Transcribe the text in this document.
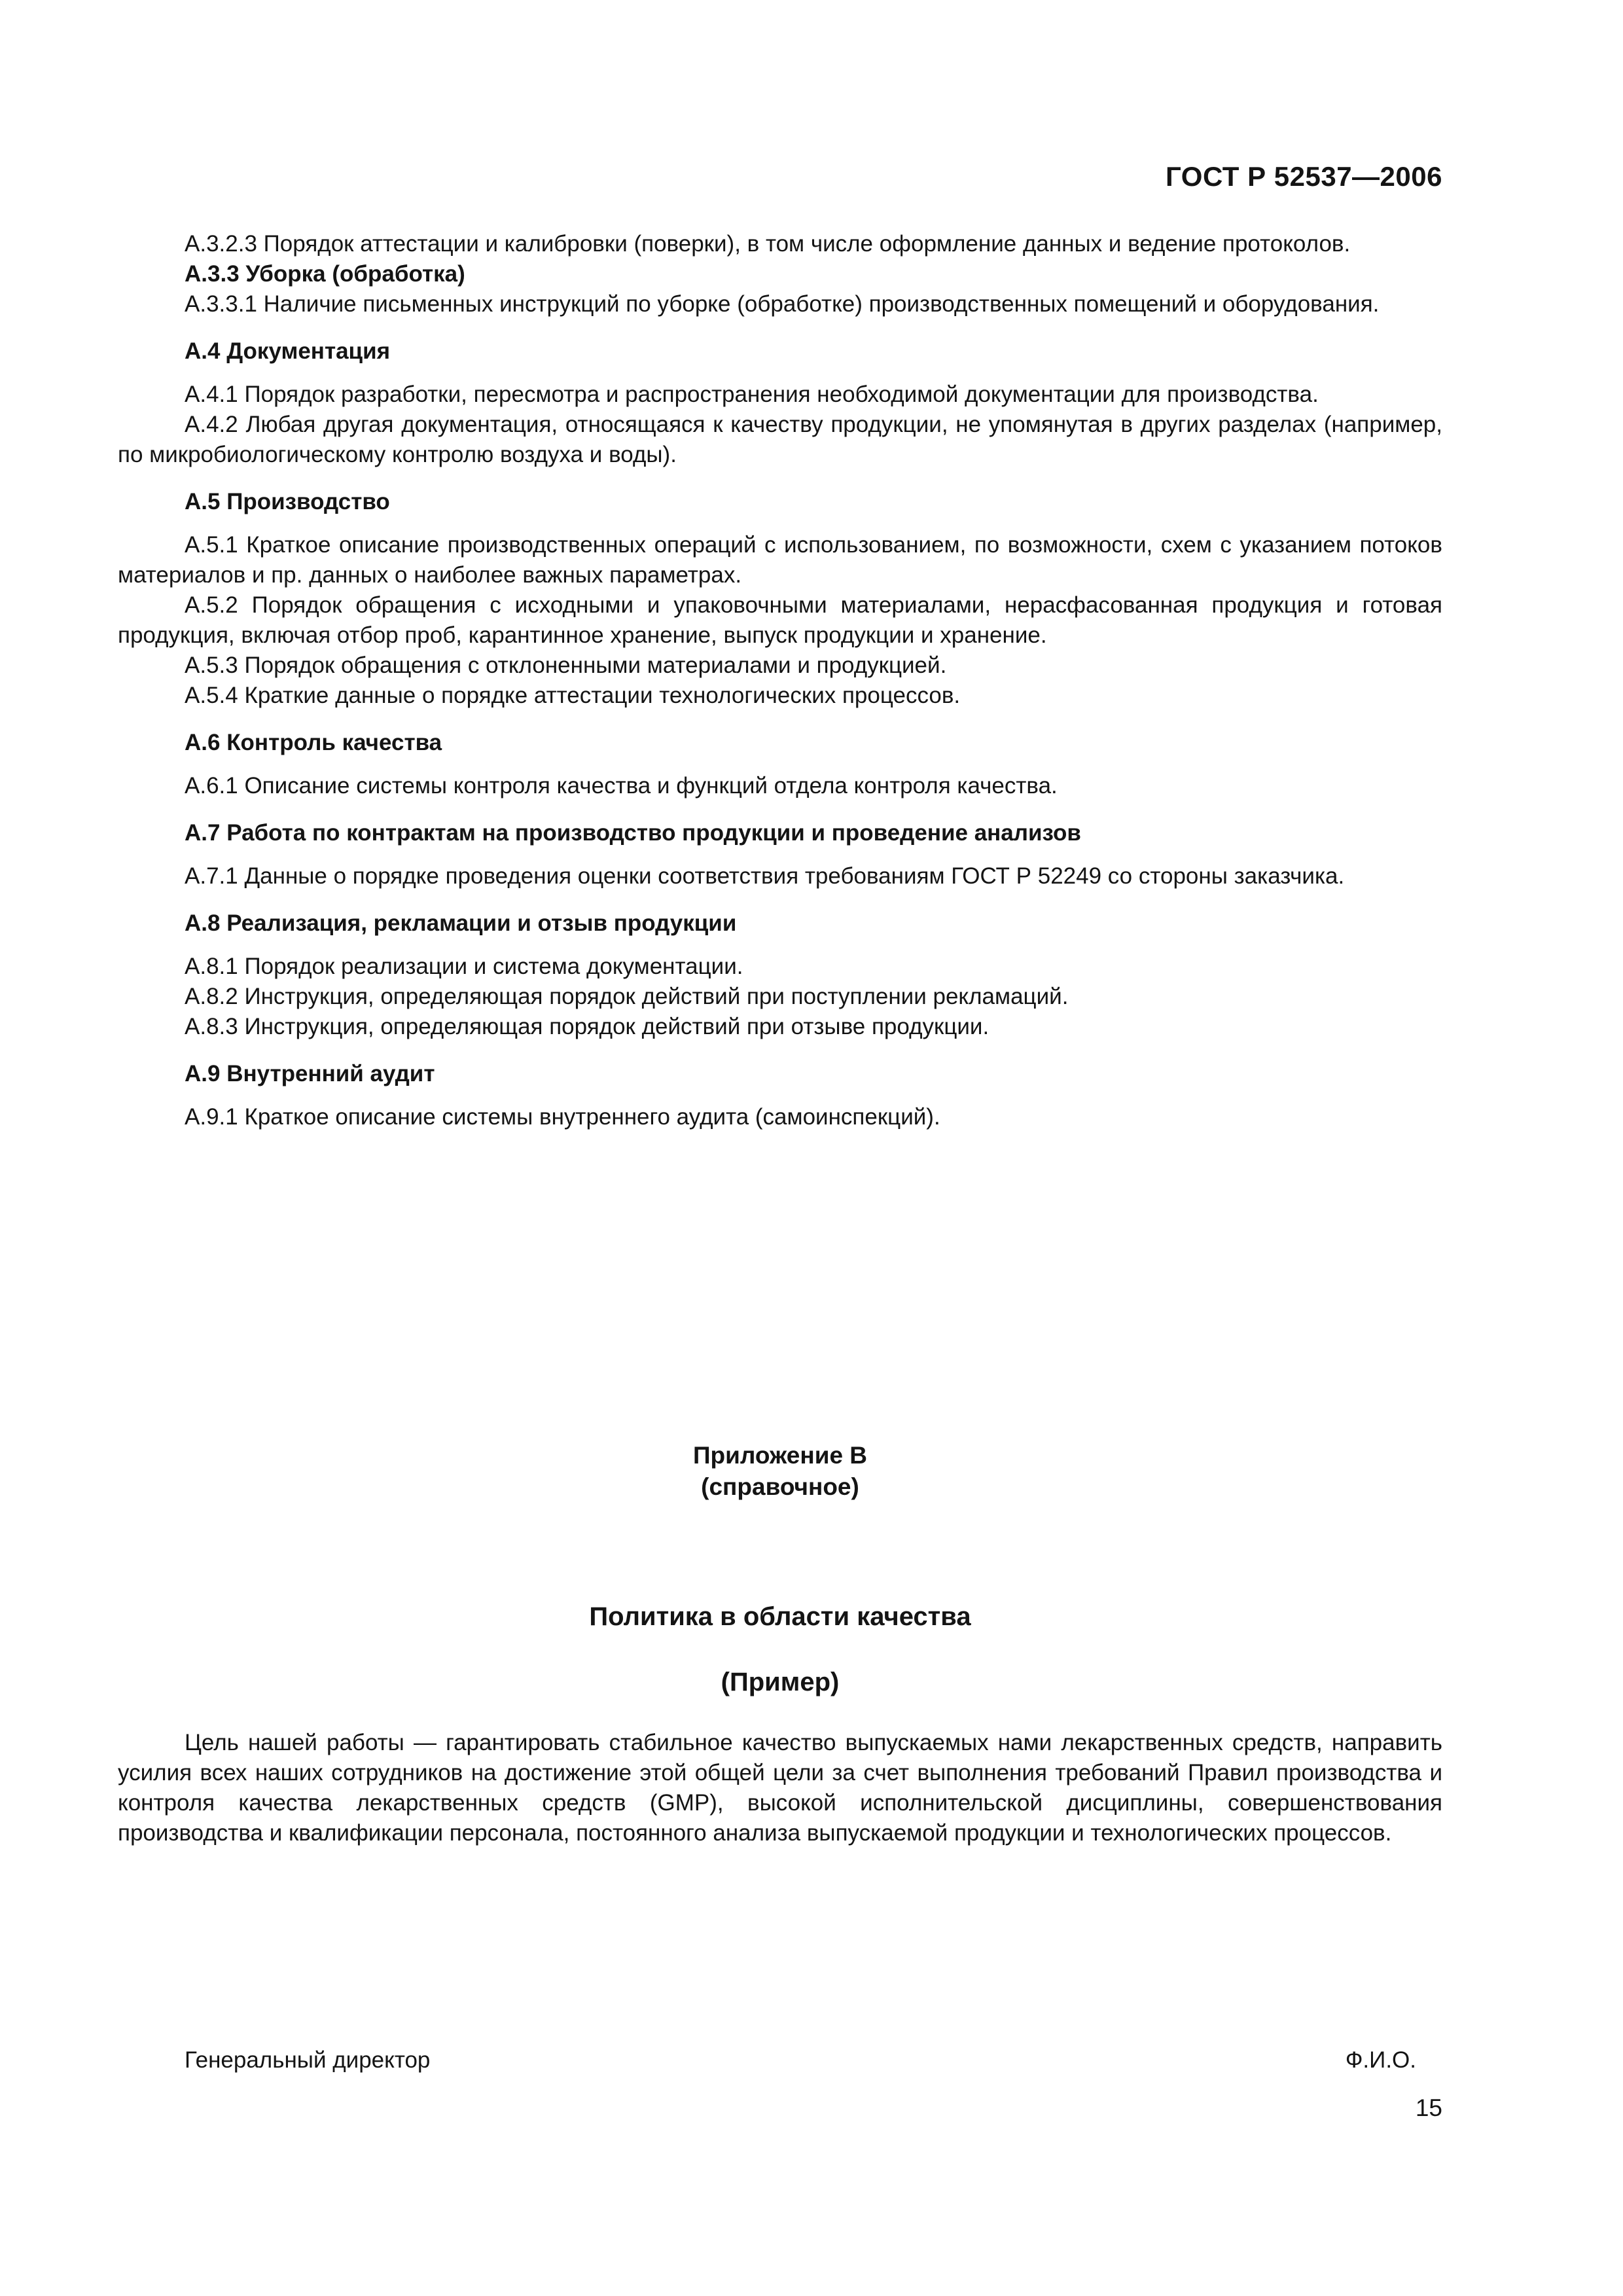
ГОСТ Р 52537—2006
А.3.2.3 Порядок аттестации и калибровки (поверки), в том числе оформление данных и ведение протоколов.
А.3.3 Уборка (обработка)
А.3.3.1 Наличие письменных инструкций по уборке (обработке) производственных помещений и оборудования.
А.4 Документация
А.4.1 Порядок разработки, пересмотра и распространения необходимой документации для производства.
А.4.2 Любая другая документация, относящаяся к качеству продукции, не упомянутая в других разделах (например, по микробиологическому контролю воздуха и воды).
А.5 Производство
А.5.1 Краткое описание производственных операций с использованием, по возможности, схем с указанием потоков материалов и пр. данных о наиболее важных параметрах.
А.5.2 Порядок обращения с исходными и упаковочными материалами, нерасфасованная продукция и готовая продукция, включая отбор проб, карантинное хранение, выпуск продукции и хранение.
А.5.3 Порядок обращения с отклоненными материалами и продукцией.
А.5.4 Краткие данные о порядке аттестации технологических процессов.
А.6 Контроль качества
А.6.1 Описание системы контроля качества и функций отдела контроля качества.
А.7 Работа по контрактам на производство продукции и проведение анализов
А.7.1 Данные о порядке проведения оценки соответствия требованиям ГОСТ Р 52249 со стороны заказчика.
А.8 Реализация, рекламации и отзыв продукции
А.8.1 Порядок реализации и система документации.
А.8.2 Инструкция, определяющая порядок действий при поступлении рекламаций.
А.8.3 Инструкция, определяющая порядок действий при отзыве продукции.
А.9 Внутренний аудит
А.9.1 Краткое описание системы внутреннего аудита (самоинспекций).
Приложение В
(справочное)
Политика в области качества
(Пример)
Цель нашей работы — гарантировать стабильное качество выпускаемых нами лекарственных средств, направить усилия всех наших сотрудников на достижение этой общей цели за счет выполнения требований Правил производства и контроля качества лекарственных средств (GMP), высокой исполнительской дисциплины, совершенствования производства и квалификации персонала, постоянного анализа выпускаемой продукции и технологических процессов.
Генеральный директор	Ф.И.О.
15
